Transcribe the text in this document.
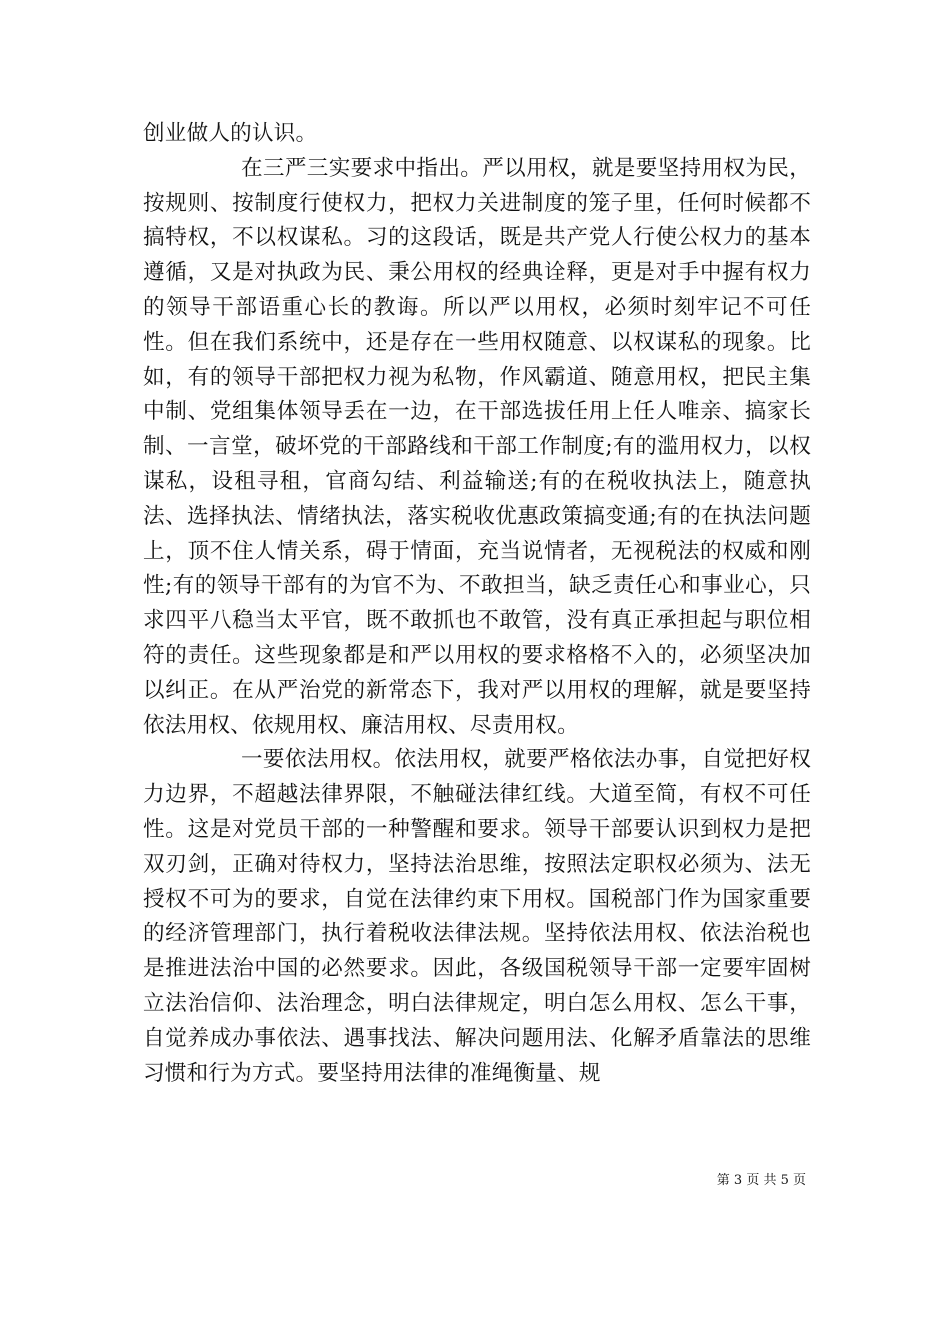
创业做人的认识。

在三严三实要求中指出。严以用权，就是要坚持用权为民，按规则、按制度行使权力，把权力关进制度的笼子里，任何时候都不搞特权，不以权谋私。习的这段话，既是共产党人行使公权力的基本遵循，又是对执政为民、秉公用权的经典诠释，更是对手中握有权力的领导干部语重心长的教诲。所以严以用权，必须时刻牢记不可任性。但在我们系统中，还是存在一些用权随意、以权谋私的现象。比如，有的领导干部把权力视为私物，作风霸道、随意用权，把民主集中制、党组集体领导丢在一边，在干部选拔任用上任人唯亲、搞家长制、一言堂，破坏党的干部路线和干部工作制度;有的滥用权力，以权谋私，设租寻租，官商勾结、利益输送;有的在税收执法上，随意执法、选择执法、情绪执法，落实税收优惠政策搞变通;有的在执法问题上，顶不住人情关系，碍于情面，充当说情者，无视税法的权威和刚性;有的领导干部有的为官不为、不敢担当，缺乏责任心和事业心，只求四平八稳当太平官，既不敢抓也不敢管，没有真正承担起与职位相符的责任。这些现象都是和严以用权的要求格格不入的，必须坚决加以纠正。在从严治党的新常态下，我对严以用权的理解，就是要坚持依法用权、依规用权、廉洁用权、尽责用权。

一要依法用权。依法用权，就要严格依法办事，自觉把好权力边界，不超越法律界限，不触碰法律红线。大道至简，有权不可任性。这是对党员干部的一种警醒和要求。领导干部要认识到权力是把双刃剑，正确对待权力，坚持法治思维，按照法定职权必须为、法无授权不可为的要求，自觉在法律约束下用权。国税部门作为国家重要的经济管理部门，执行着税收法律法规。坚持依法用权、依法治税也是推进法治中国的必然要求。因此，各级国税领导干部一定要牢固树立法治信仰、法治理念，明白法律规定，明白怎么用权、怎么干事，自觉养成办事依法、遇事找法、解决问题用法、化解矛盾靠法的思维习惯和行为方式。要坚持用法律的准绳衡量、规

第 3 页 共 5 页
